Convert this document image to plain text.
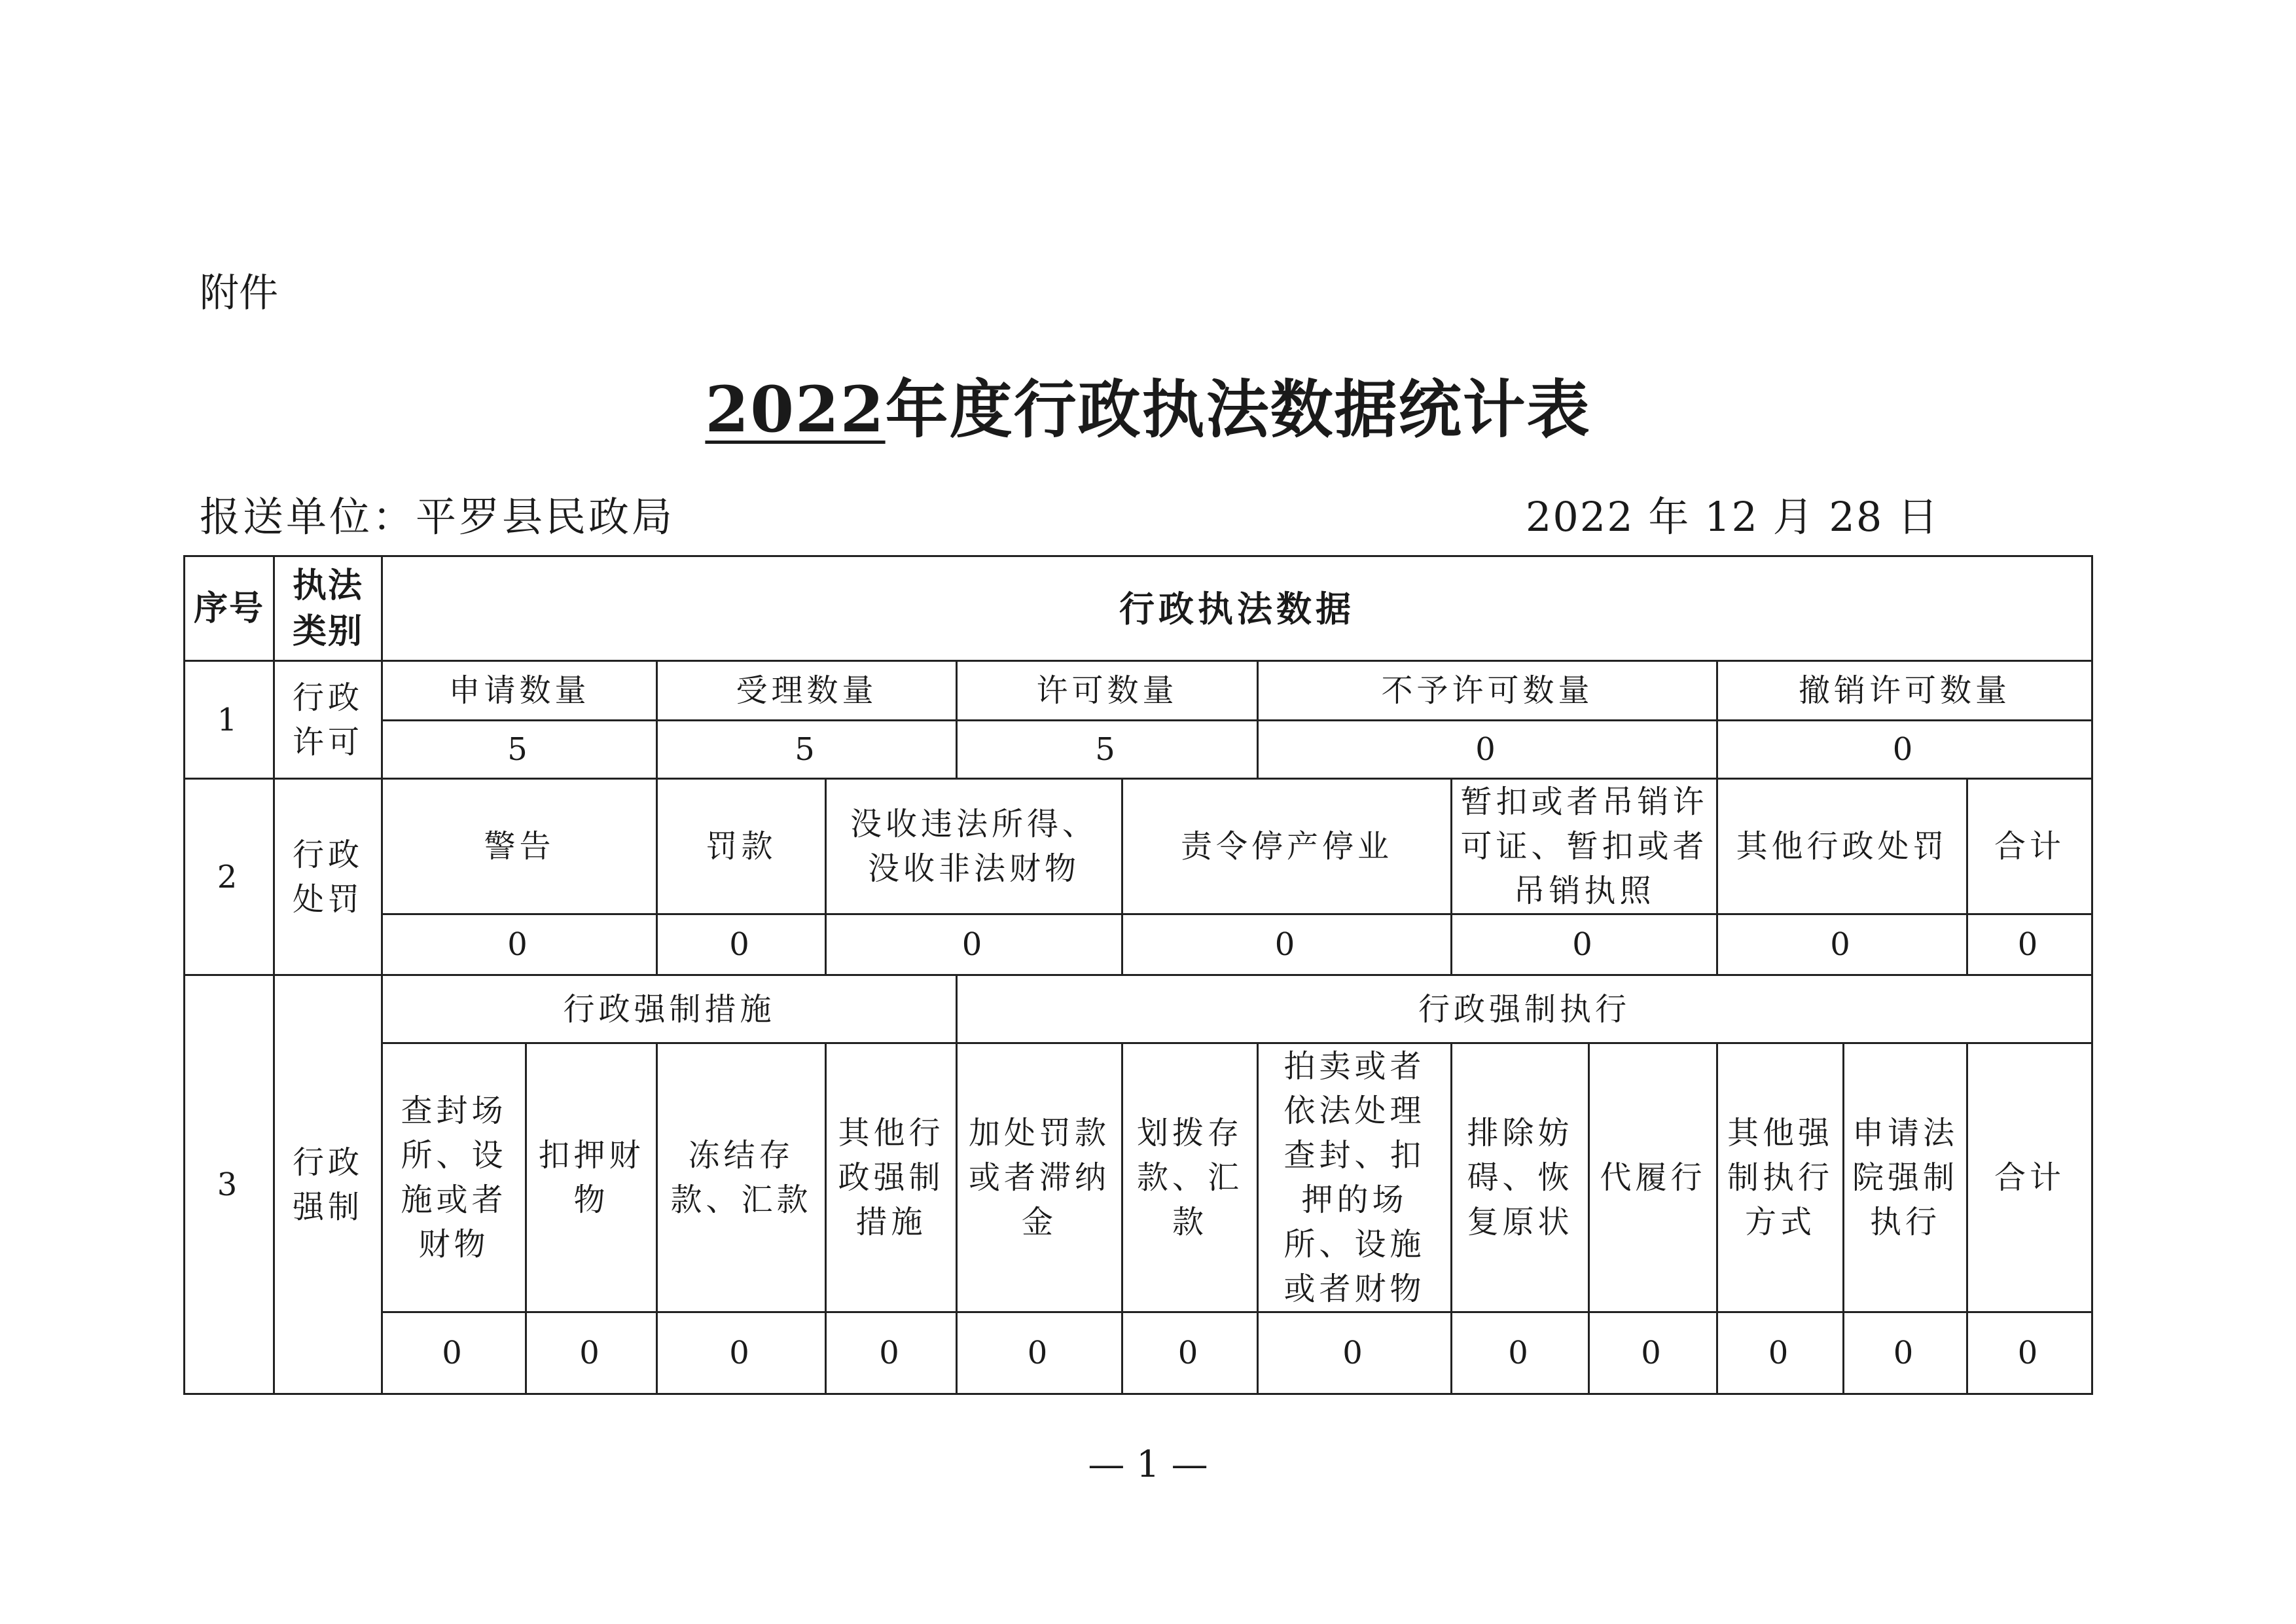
附件
2022年度行政执法数据统计表
报送单位：平罗县民政局	2022 年 12 月 28 日
序号	执法类别	行政执法数据											
1	行政许可	申请数量		受理数量		许可数量		不予许可数量			撤销许可数量		
		5		5		5		0			0		
2	行政处罚	警告		罚款	没收违法所得、没收非法财物		责令停产停业		暂扣或者吊销许可证、暂扣或者吊销执照		其他行政处罚		合计
		0		0	0		0		0		0		0
3	行政强制	行政强制措施				行政强制执行							
		查封场所、设施或者财物	扣押财物	冻结存款、汇款	其他行政强制措施	加处罚款或者滞纳金	划拨存款、汇款	拍卖或者依法处理查封、扣押的场所、设施或者财物	排除妨碍、恢复原状	代履行	其他强制执行方式	申请法院强制执行	合计
		0	0	0	0	0	0	0	0	0	0	0	0
— 1 —
